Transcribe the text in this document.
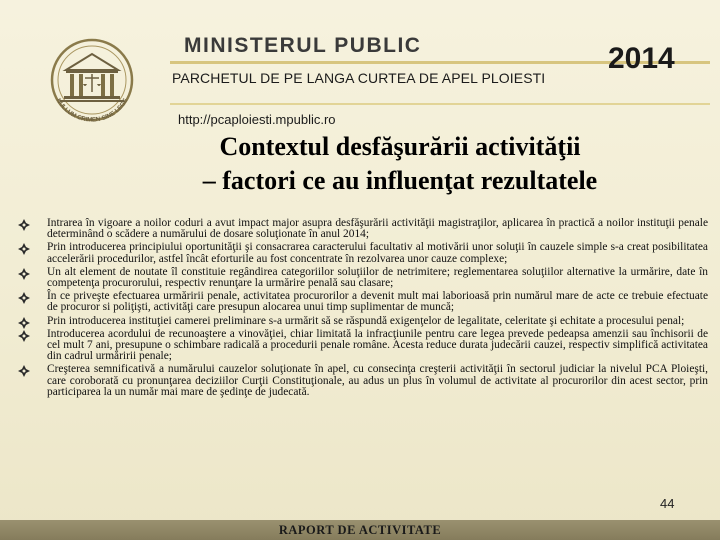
NULLUM CRIMEN SINE LEGE
MINISTERUL PUBLIC
PARCHETUL DE PE LANGA CURTEA DE APEL PLOIESTI
2014
http://pcaploiesti.mpublic.ro
Contextul desfăşurării activităţii
– factori ce au influenţat rezultatele
Intrarea în vigoare a noilor coduri a avut impact major asupra desfăşurării activităţii magistraţilor, aplicarea în practică a noilor instituţii penale determinând o scădere a numărului de dosare soluţionate în anul 2014;
Prin introducerea principiului oportunităţii şi consacrarea caracterului facultativ al motivării unor soluţii în cauzele simple s-a creat posibilitatea accelerării procedurilor, astfel încât eforturile au fost concentrate în rezolvarea unor cauze complexe;
Un alt element de noutate îl constituie regândirea categoriilor soluţiilor de netrimitere; reglementarea soluţiilor alternative la urmărire, date în competenţa procurorului, respectiv renunţare la urmărire penală sau clasare;
În ce priveşte efectuarea urmăririi penale, activitatea procurorilor a devenit mult mai laborioasă prin numărul mare de acte ce trebuie efectuate de procuror si poliţişti, activităţi care presupun alocarea unui timp suplimentar de muncă;
Prin introducerea instituţiei camerei preliminare s-a urmărit să se răspundă exigenţelor de legalitate, celeritate şi echitate a procesului penal;
Introducerea acordului de recunoaştere a vinovăţiei, chiar limitată la infracţiunile pentru care legea prevede pedeapsa amenzii sau închisorii de cel mult 7 ani, presupune o schimbare radicală a procedurii penale române. Acesta reduce durata judecării cauzei, respectiv simplifică activitatea din cadrul urmăririi penale;
Creşterea semnificativă a numărului cauzelor soluţionate în apel, cu consecinţa creşterii activităţii în sectorul judiciar la nivelul PCA Ploieşti, care coroborată cu pronunţarea deciziilor Curţii Constituţionale, au adus un plus în volumul de activitate al procurorilor din acest sector, prin participarea la un număr mai mare de şedinţe de judecată.
44
RAPORT DE ACTIVITATE
